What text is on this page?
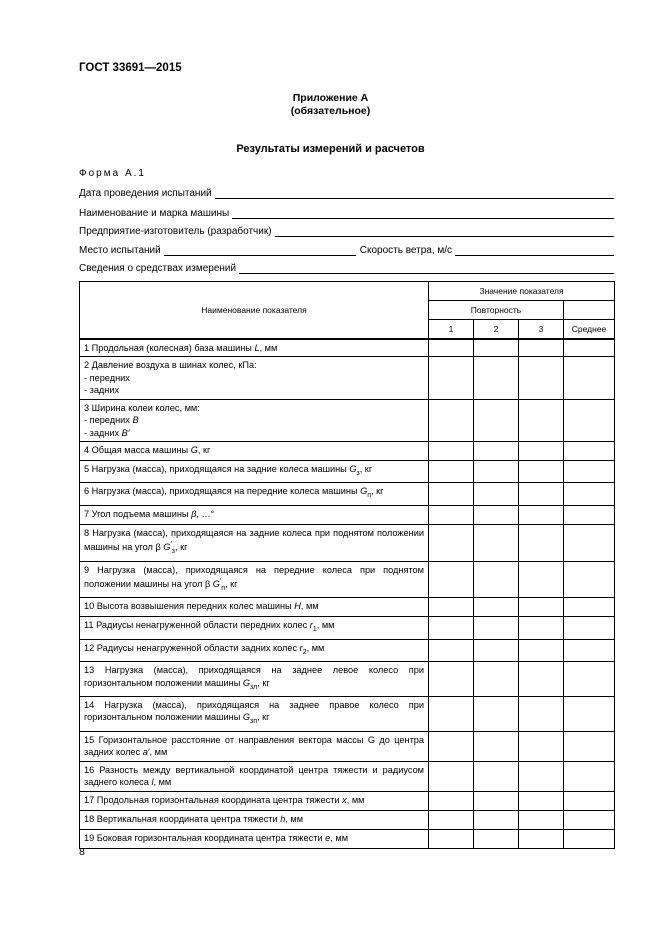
ГОСТ 33691—2015
Приложение А
(обязательное)
Результаты измерений и расчетов
Форма А.1
Дата проведения испытаний
Наименование и марка машины
Предприятие-изготовитель (разработчик)
Место испытаний	Скорость ветра, м/с
Сведения о средствах измерений
Наименование показателя	Значение показателя			
	Повторность			
	1	2	3	Среднее
1 Продольная (колесная) база машины L, мм				

2 Давление воздуха в шинах колес, кПа:
- передних
- задних				

3 Ширина колеи колес, мм:
- передних B
- задних B′				

4 Общая масса машины G, кг				
5 Нагрузка (масса), приходящаяся на задние колеса машины $G_з$, кг				
6 Нагрузка (масса), приходящаяся на передние колеса машины $G_п$, кг				
7 Угол подъема машины β, …°				
8 Нагрузка (масса), приходящаяся на задние колеса при поднятом положении машины на угол β $G'_з$, кг				
9 Нагрузка (масса), приходящаяся на передние колеса при поднятом положении машины на угол β $G'_п$, кг				
10 Высота возвышения передних колес машины H, мм				
11 Радиусы ненагруженной области передних колес $r_1$, мм				
12 Радиусы ненагруженной области задних колес $r_2$, мм				
13 Нагрузка (масса), приходящаяся на заднее левое колесо при горизонтальном положении машины $G_{зл}$, кг				
14 Нагрузка (масса), приходящаяся на заднее правое колесо при горизонтальном положении машины $G_{зп}$, кг				
15 Горизонтальное расстояние от направления вектора массы G до центра задних колес a′, мм				
16 Разность между вертикальной координатой центра тяжести и радиусом заднего колеса l, мм				
17 Продольная горизонтальная координата центра тяжести x, мм				
18 Вертикальная координата центра тяжести h, мм				
19 Боковая горизонтальная координата центра тяжести e, мм				
8
